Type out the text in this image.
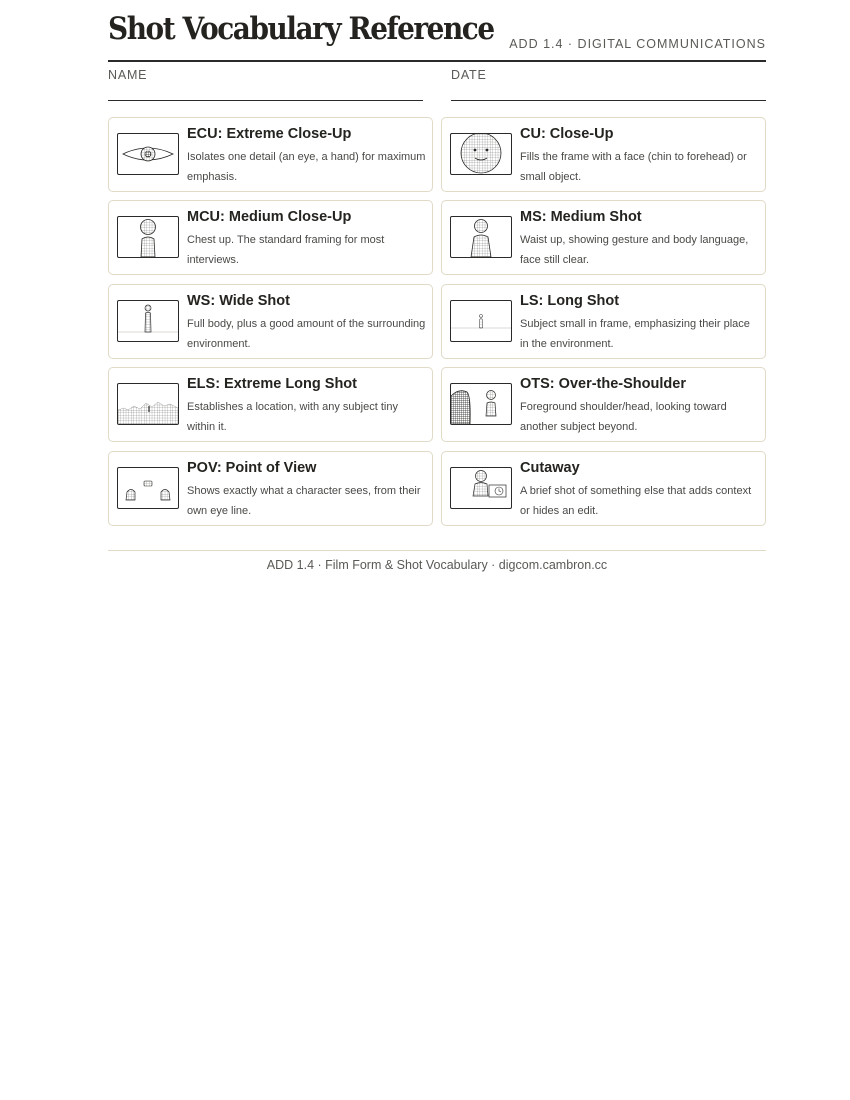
Shot Vocabulary Reference ADD 1.4 · DIGITAL COMMUNICATIONS
NAME	DATE
ECU: Extreme Close-Up
Isolates one detail (an eye, a hand) for maximum emphasis.
CU: Close-Up
Fills the frame with a face (chin to forehead) or small object.
MCU: Medium Close-Up
Chest up. The standard framing for most interviews.
MS: Medium Shot
Waist up, showing gesture and body language, face still clear.
WS: Wide Shot
Full body, plus a good amount of the surrounding environment.
LS: Long Shot
Subject small in frame, emphasizing their place in the environment.
ELS: Extreme Long Shot
Establishes a location, with any subject tiny within it.
OTS: Over-the-Shoulder
Foreground shoulder/head, looking toward another subject beyond.
POV: Point of View
Shows exactly what a character sees, from their own eye line.
Cutaway
A brief shot of something else that adds context or hides an edit.
ADD 1.4 · Film Form & Shot Vocabulary · digcom.cambron.cc
